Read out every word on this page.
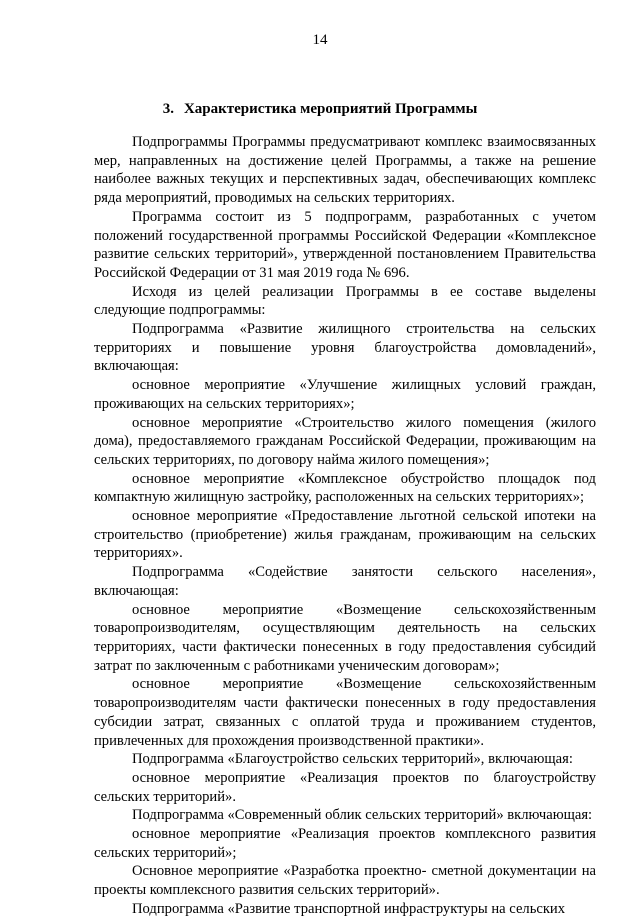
14
3. Характеристика мероприятий Программы

Подпрограммы Программы предусматривают комплекс взаимосвязанных мер, направленных на достижение целей Программы, а также на решение наиболее важных текущих и перспективных задач, обеспечивающих комплекс ряда мероприятий, проводимых на сельских территориях.

Программа состоит из 5 подпрограмм, разработанных с учетом положений государственной программы Российской Федерации «Комплексное развитие сельских территорий», утвержденной постановлением Правительства Российской Федерации от 31 мая 2019 года № 696.

Исходя из целей реализации Программы в ее составе выделены следующие подпрограммы:

Подпрограмма «Развитие жилищного строительства на сельских территориях и повышение уровня благоустройства домовладений», включающая:

основное мероприятие «Улучшение жилищных условий граждан, проживающих на сельских территориях»;

основное мероприятие «Строительство жилого помещения (жилого дома), предоставляемого гражданам Российской Федерации, проживающим на сельских территориях, по договору найма жилого помещения»;

основное мероприятие «Комплексное обустройство площадок под компактную жилищную застройку, расположенных на сельских территориях»;

основное мероприятие «Предоставление льготной сельской ипотеки на строительство (приобретение) жилья гражданам, проживающим на сельских территориях».

Подпрограмма «Содействие занятости сельского населения», включающая:

основное мероприятие «Возмещение сельскохозяйственным товаропроизводителям, осуществляющим деятельность на сельских территориях, части фактически понесенных в году предоставления субсидий затрат по заключенным с работниками ученическим договорам»;

основное мероприятие «Возмещение сельскохозяйственным товаропроизводителям части фактически понесенных в году предоставления субсидии затрат, связанных с оплатой труда и проживанием студентов, привлеченных для прохождения производственной практики».

Подпрограмма «Благоустройство сельских территорий», включающая:

основное мероприятие «Реализация проектов по благоустройству сельских территорий».

Подпрограмма «Современный облик сельских территорий» включающая:

основное мероприятие «Реализация проектов комплексного развития сельских территорий»;

Основное мероприятие «Разработка проектно- сметной документации на проекты комплексного развития сельских территорий».

Подпрограмма «Развитие транспортной инфраструктуры на сельских
